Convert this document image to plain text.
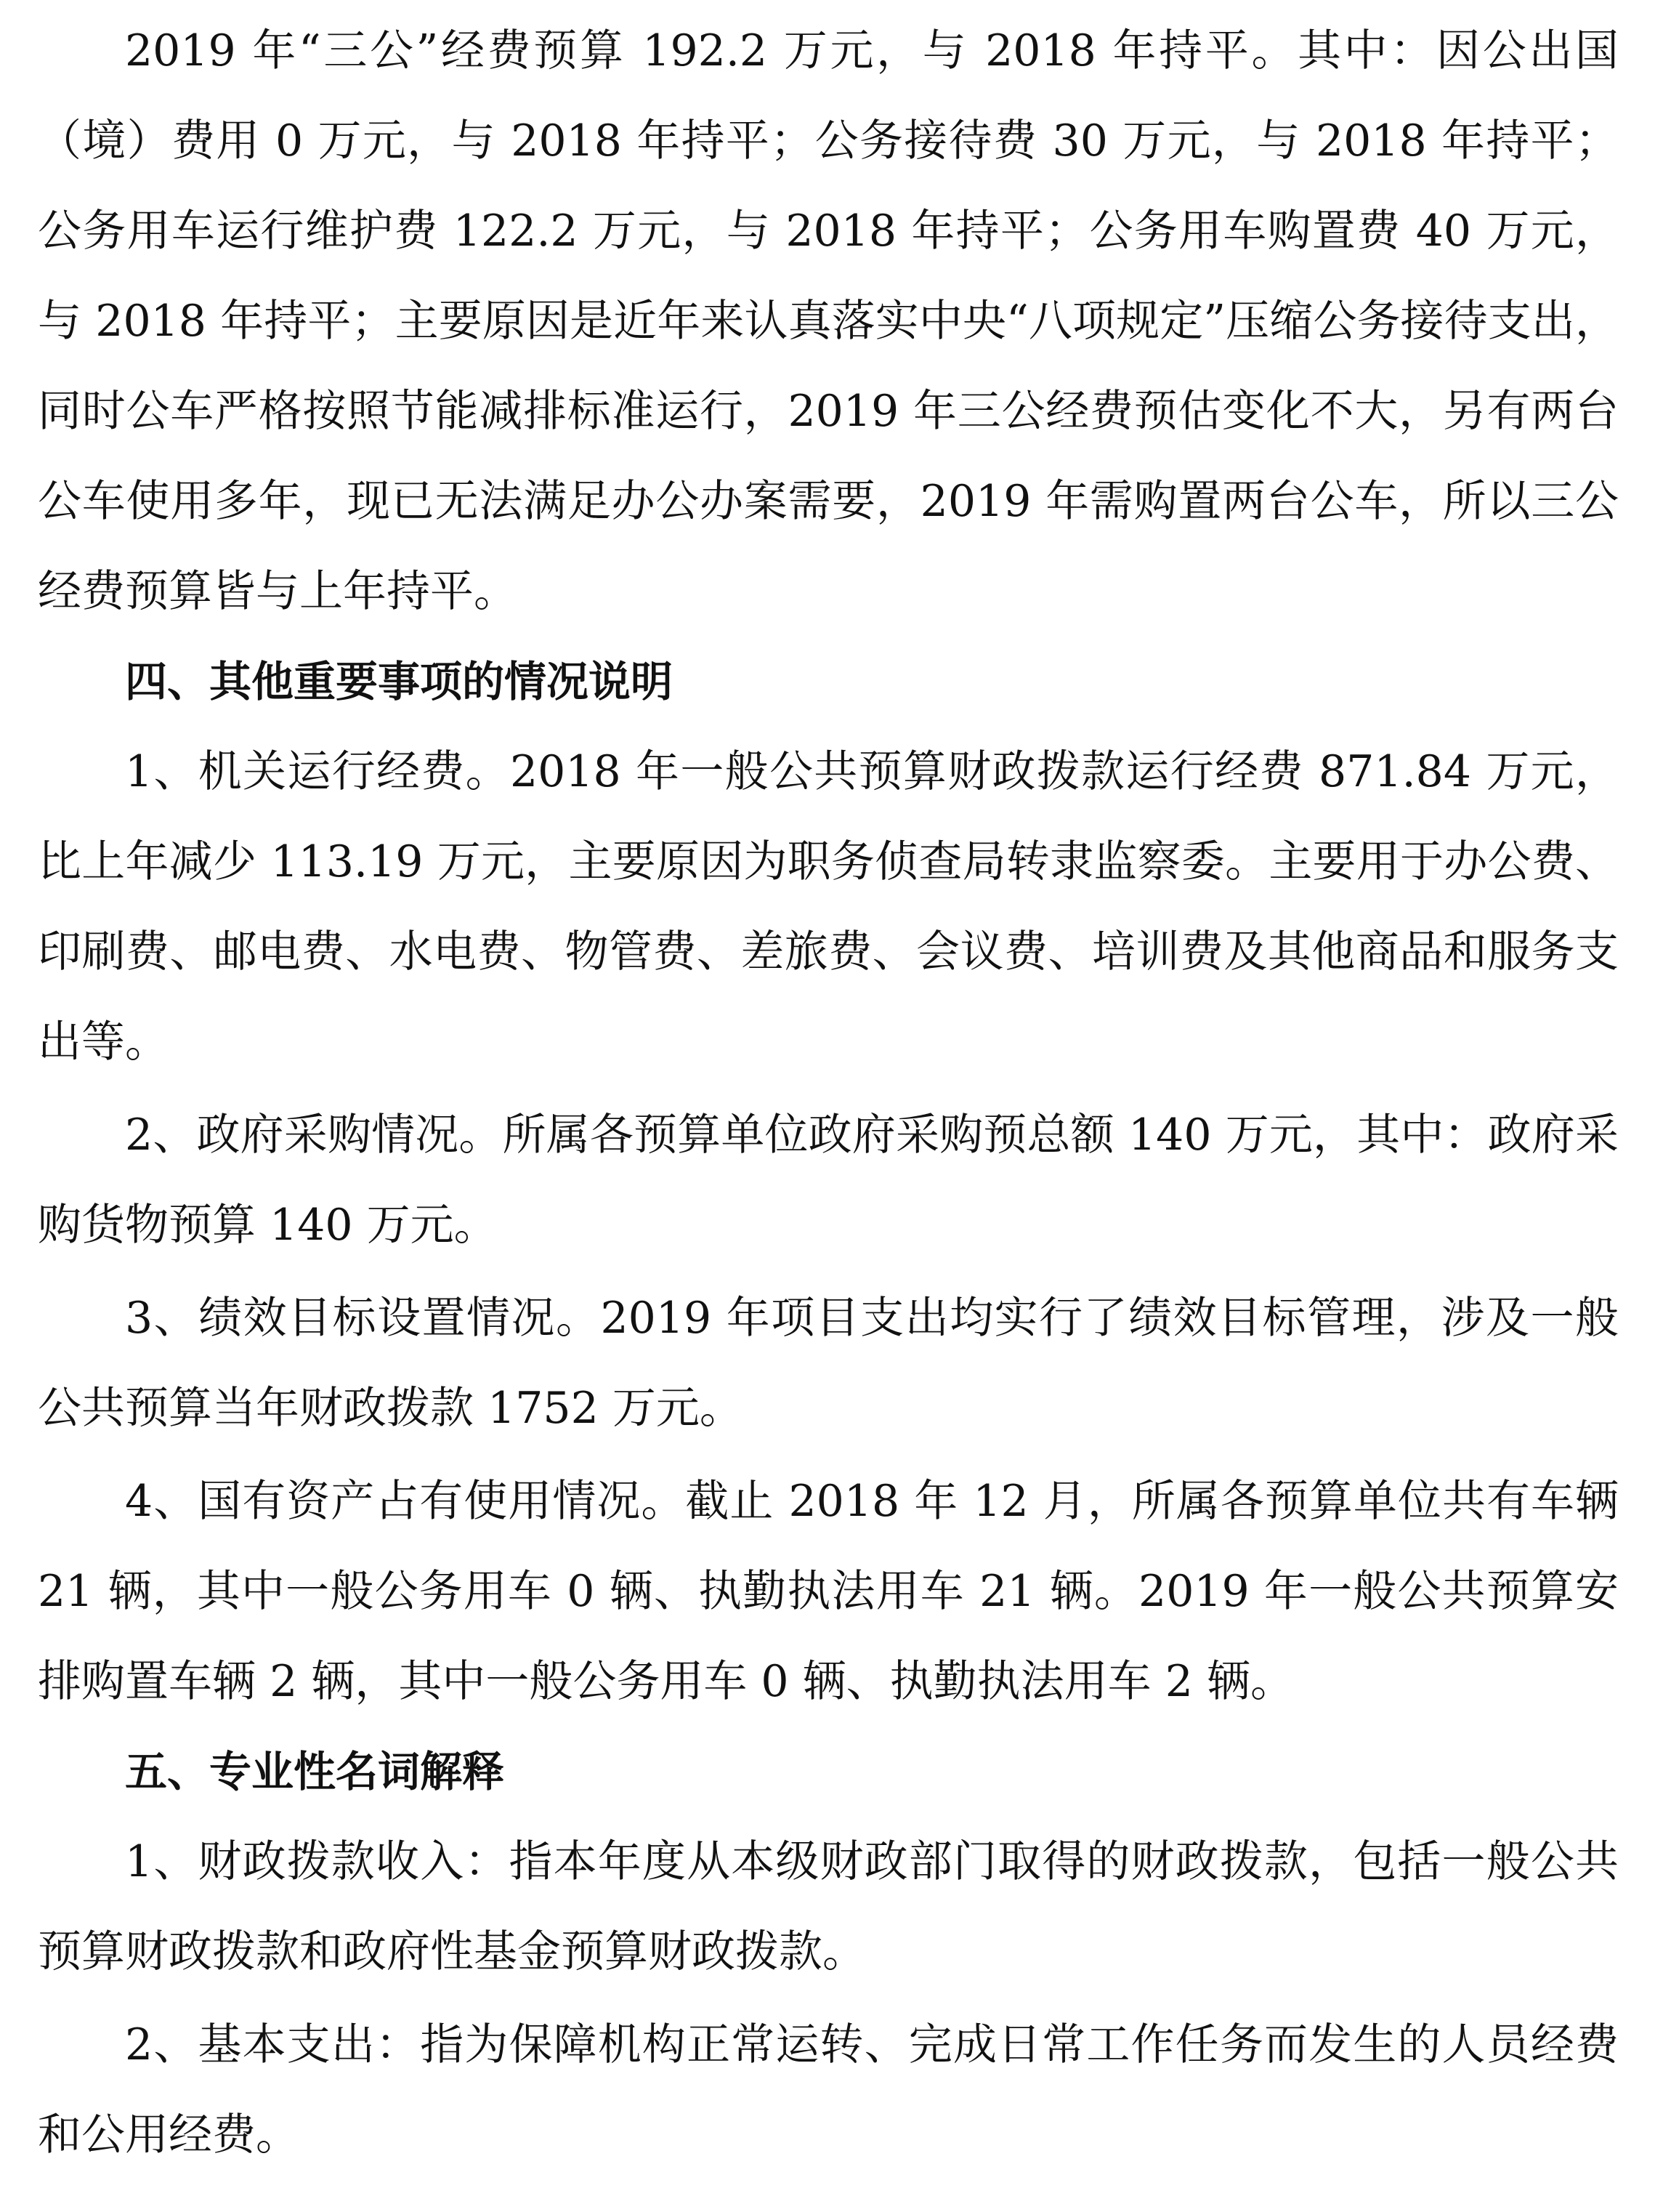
2019 年“三公”经费预算 192.2 万元，与 2018 年持平。其中：因公出国（境）费用 0 万元，与 2018 年持平；公务接待费 30 万元，与 2018 年持平；公务用车运行维护费 122.2 万元，与 2018 年持平；公务用车购置费 40 万元，与 2018 年持平；主要原因是近年来认真落实中央“八项规定”压缩公务接待支出，同时公车严格按照节能减排标准运行，2019 年三公经费预估变化不大，另有两台公车使用多年，现已无法满足办公办案需要，2019 年需购置两台公车，所以三公经费预算皆与上年持平。

四、其他重要事项的情况说明

1、机关运行经费。2018 年一般公共预算财政拨款运行经费 871.84 万元，比上年减少 113.19 万元，主要原因为职务侦查局转隶监察委。主要用于办公费、印刷费、邮电费、水电费、物管费、差旅费、会议费、培训费及其他商品和服务支出等。

2、政府采购情况。所属各预算单位政府采购预总额 140 万元，其中：政府采购货物预算 140 万元。

3、绩效目标设置情况。2019 年项目支出均实行了绩效目标管理，涉及一般公共预算当年财政拨款 1752 万元。

4、国有资产占有使用情况。截止 2018 年 12 月，所属各预算单位共有车辆 21 辆，其中一般公务用车 0 辆、执勤执法用车 21 辆。2019 年一般公共预算安排购置车辆 2 辆，其中一般公务用车 0 辆、执勤执法用车 2 辆。

五、专业性名词解释

1、财政拨款收入：指本年度从本级财政部门取得的财政拨款，包括一般公共预算财政拨款和政府性基金预算财政拨款。

2、基本支出：指为保障机构正常运转、完成日常工作任务而发生的人员经费和公用经费。
